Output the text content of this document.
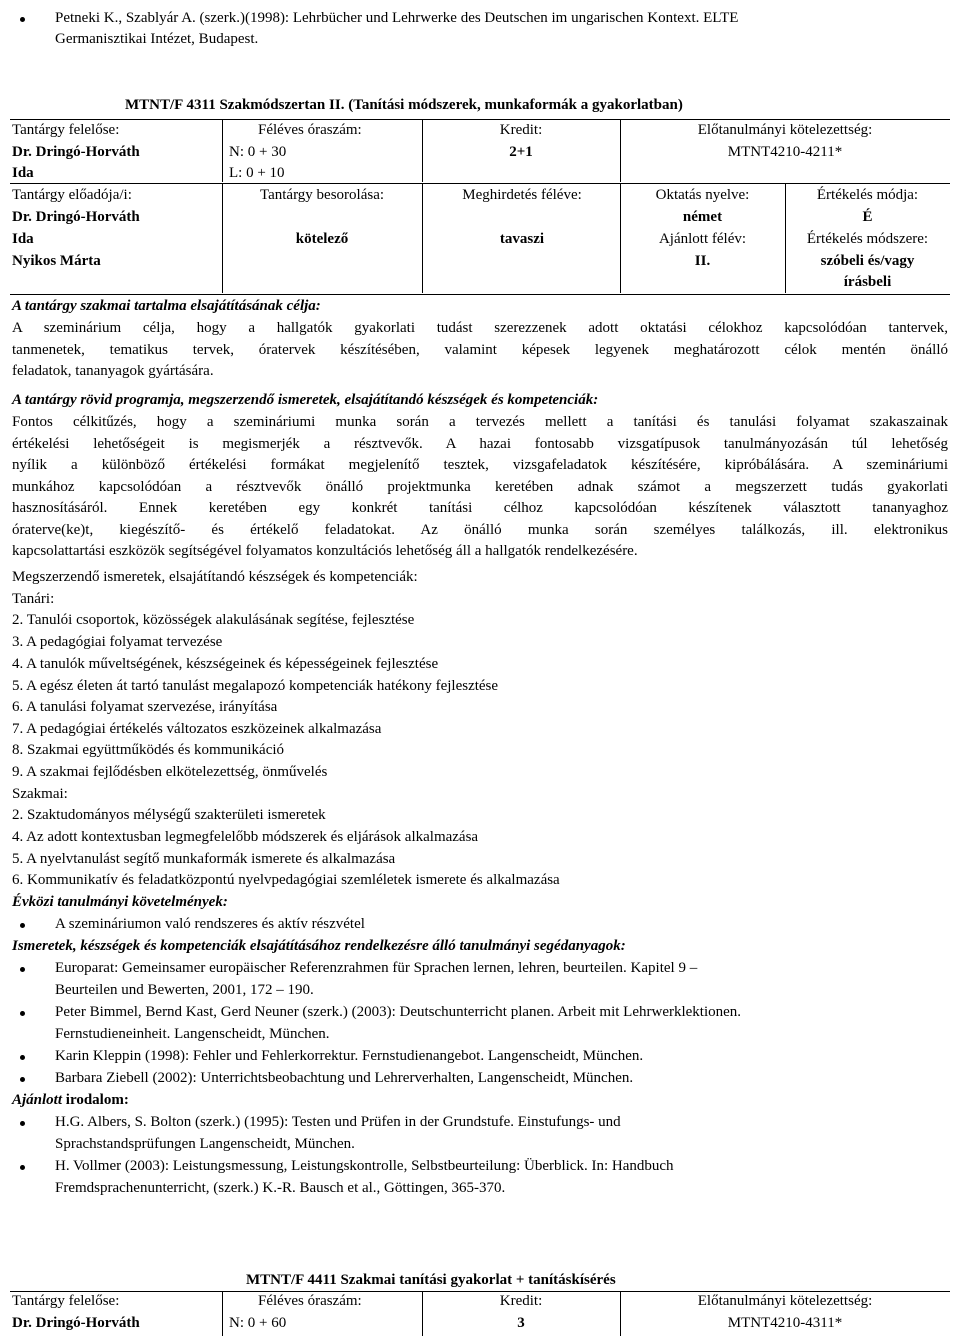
Petneki K., Szablyár A. (szerk.)(1998): Lehrbücher und Lehrwerke des Deutschen im ungarischen Kontext. ELTE
Germanisztikai Intézet, Budapest.
MTNT/F 4311 Szakmódszertan II. (Tanítási módszerek, munkaformák a gyakorlatban)
Tantárgy felelőse:
Dr. Dringó-Horváth
Ida
Féléves óraszám:
N: 0 + 30
L: 0 + 10
Kredit:
2+1
Előtanulmányi kötelezettség:
MTNT4210-4211*
Tantárgy előadója/i:
Dr. Dringó-Horváth
Ida
Nyikos Márta
Tantárgy besorolása:
kötelező
Meghirdetés féléve:
tavaszi
Oktatás nyelve:
német
Ajánlott félév:
II.
Értékelés módja:
É
Értékelés módszere:
szóbeli és/vagy
írásbeli
A tantárgy szakmai tartalma elsajátításának célja:
A szeminárium célja, hogy a hallgatók gyakorlati tudást szerezzenek adott oktatási célokhoz kapcsolódóan tantervek,
tanmenetek, tematikus tervek, óratervek készítésében, valamint képesek legyenek meghatározott célok mentén önálló
feladatok, tananyagok gyártására.
A tantárgy rövid programja, megszerzendő ismeretek, elsajátítandó készségek és kompetenciák:
Fontos célkitűzés, hogy a szemináriumi munka során a tervezés mellett a tanítási és tanulási folyamat szakaszainak
értékelési lehetőségeit is megismerjék a résztvevők. A hazai fontosabb vizsgatípusok tanulmányozásán túl lehetőség
nyílik a különböző értékelési formákat megjelenítő tesztek, vizsgafeladatok készítésére, kipróbálására. A szemináriumi
munkához kapcsolódóan a résztvevők önálló projektmunka keretében adnak számot a megszerzett tudás gyakorlati
hasznosításáról. Ennek keretében egy konkrét tanítási célhoz kapcsolódóan készítenek választott tananyaghoz
óraterve(ke)t, kiegészítő- és értékelő feladatokat. Az önálló munka során személyes találkozás, ill. elektronikus
kapcsolattartási eszközök segítségével folyamatos konzultációs lehetőség áll a hallgatók rendelkezésére.
Megszerzendő ismeretek, elsajátítandó készségek és kompetenciák:
Tanári:
2. Tanulói csoportok, közösségek alakulásának segítése, fejlesztése
3. A pedagógiai folyamat tervezése
4. A tanulók műveltségének, készségeinek és képességeinek fejlesztése
5. A egész életen át tartó tanulást megalapozó kompetenciák hatékony fejlesztése
6. A tanulási folyamat szervezése, irányítása
7. A pedagógiai értékelés változatos eszközeinek alkalmazása
8. Szakmai együttműködés és kommunikáció
9. A szakmai fejlődésben elkötelezettség, önművelés
Szakmai:
2. Szaktudományos mélységű szakterületi ismeretek
4. Az adott kontextusban legmegfelelőbb módszerek és eljárások alkalmazása
5. A nyelvtanulást segítő munkaformák ismerete és alkalmazása
6. Kommunikatív és feladatközpontú nyelvpedagógiai szemléletek ismerete és alkalmazása
Évközi tanulmányi követelmények:
A szemináriumon való rendszeres és aktív részvétel
Ismeretek, készségek és kompetenciák elsajátításához rendelkezésre álló tanulmányi segédanyagok:
Europarat: Gemeinsamer europäischer Referenzrahmen für Sprachen lernen, lehren, beurteilen. Kapitel 9 –
Beurteilen und Bewerten, 2001, 172 – 190.
Peter Bimmel, Bernd Kast, Gerd Neuner (szerk.) (2003): Deutschunterricht planen. Arbeit mit Lehrwerklektionen.
Fernstudieneinheit. Langenscheidt, München.
Karin Kleppin (1998): Fehler und Fehlerkorrektur. Fernstudienangebot. Langenscheidt, München.
Barbara Ziebell (2002): Unterrichtsbeobachtung und Lehrerverhalten, Langenscheidt, München.
Ajánlott irodalom:
H.G. Albers, S. Bolton (szerk.) (1995): Testen und Prüfen in der Grundstufe. Einstufungs- und
Sprachstandsprüfungen Langenscheidt, München.
H. Vollmer (2003): Leistungsmessung, Leistungskontrolle, Selbstbeurteilung: Überblick. In: Handbuch
Fremdsprachenunterricht, (szerk.) K.-R. Bausch et al., Göttingen, 365-370.
MTNT/F 4411 Szakmai tanítási gyakorlat + tanításkísérés
Tantárgy felelőse:
Dr. Dringó-Horváth
Féléves óraszám:
N: 0 + 60
Kredit:
3
Előtanulmányi kötelezettség:
MTNT4210-4311*
